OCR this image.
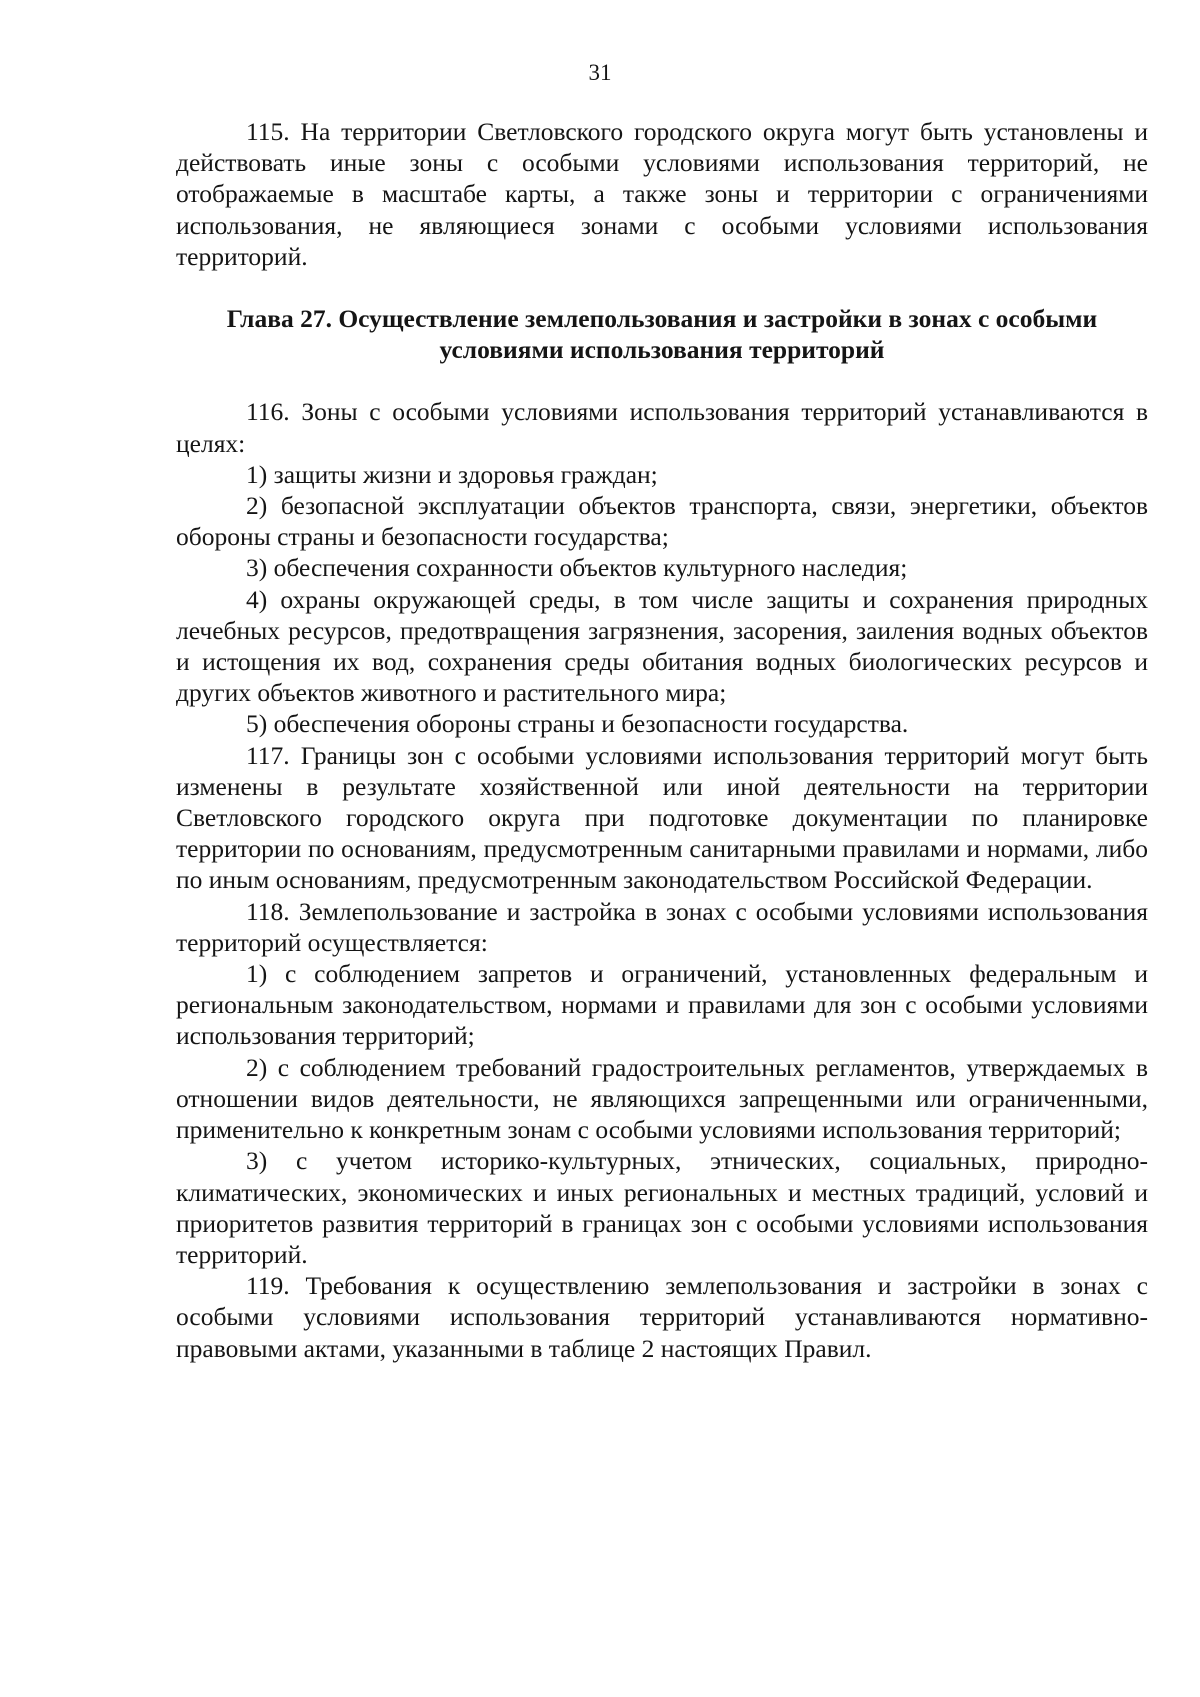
31

115. На территории Светловского городского округа могут быть установлены и действовать иные зоны с особыми условиями использования территорий, не отображаемые в масштабе карты, а также зоны и территории с ограничениями использования, не являющиеся зонами с особыми условиями использования территорий.

Глава 27. Осуществление землепользования и застройки в зонах с особыми условиями использования территорий

116. Зоны с особыми условиями использования территорий устанавливаются в целях:

1) защиты жизни и здоровья граждан;

2) безопасной эксплуатации объектов транспорта, связи, энергетики, объектов обороны страны и безопасности государства;

3) обеспечения сохранности объектов культурного наследия;

4) охраны окружающей среды, в том числе защиты и сохранения природных лечебных ресурсов, предотвращения загрязнения, засорения, заиления водных объектов и истощения их вод, сохранения среды обитания водных биологических ресурсов и других объектов животного и растительного мира;

5) обеспечения обороны страны и безопасности государства.

117. Границы зон с особыми условиями использования территорий могут быть изменены в результате хозяйственной или иной деятельности на территории Светловского городского округа при подготовке документации по планировке территории по основаниям, предусмотренным санитарными правилами и нормами, либо по иным основаниям, предусмотренным законодательством Российской Федерации.

118. Землепользование и застройка в зонах с особыми условиями использования территорий осуществляется:

1) с соблюдением запретов и ограничений, установленных федеральным и региональным законодательством, нормами и правилами для зон с особыми условиями использования территорий;

2) с соблюдением требований градостроительных регламентов, утверждаемых в отношении видов деятельности, не являющихся запрещенными или ограниченными, применительно к конкретным зонам с особыми условиями использования территорий;

3) с учетом историко-культурных, этнических, социальных, природно-климатических, экономических и иных региональных и местных традиций, условий и приоритетов развития территорий в границах зон с особыми условиями использования территорий.

119. Требования к осуществлению землепользования и застройки в зонах с особыми условиями использования территорий устанавливаются нормативно-правовыми актами, указанными в таблице 2 настоящих Правил.
